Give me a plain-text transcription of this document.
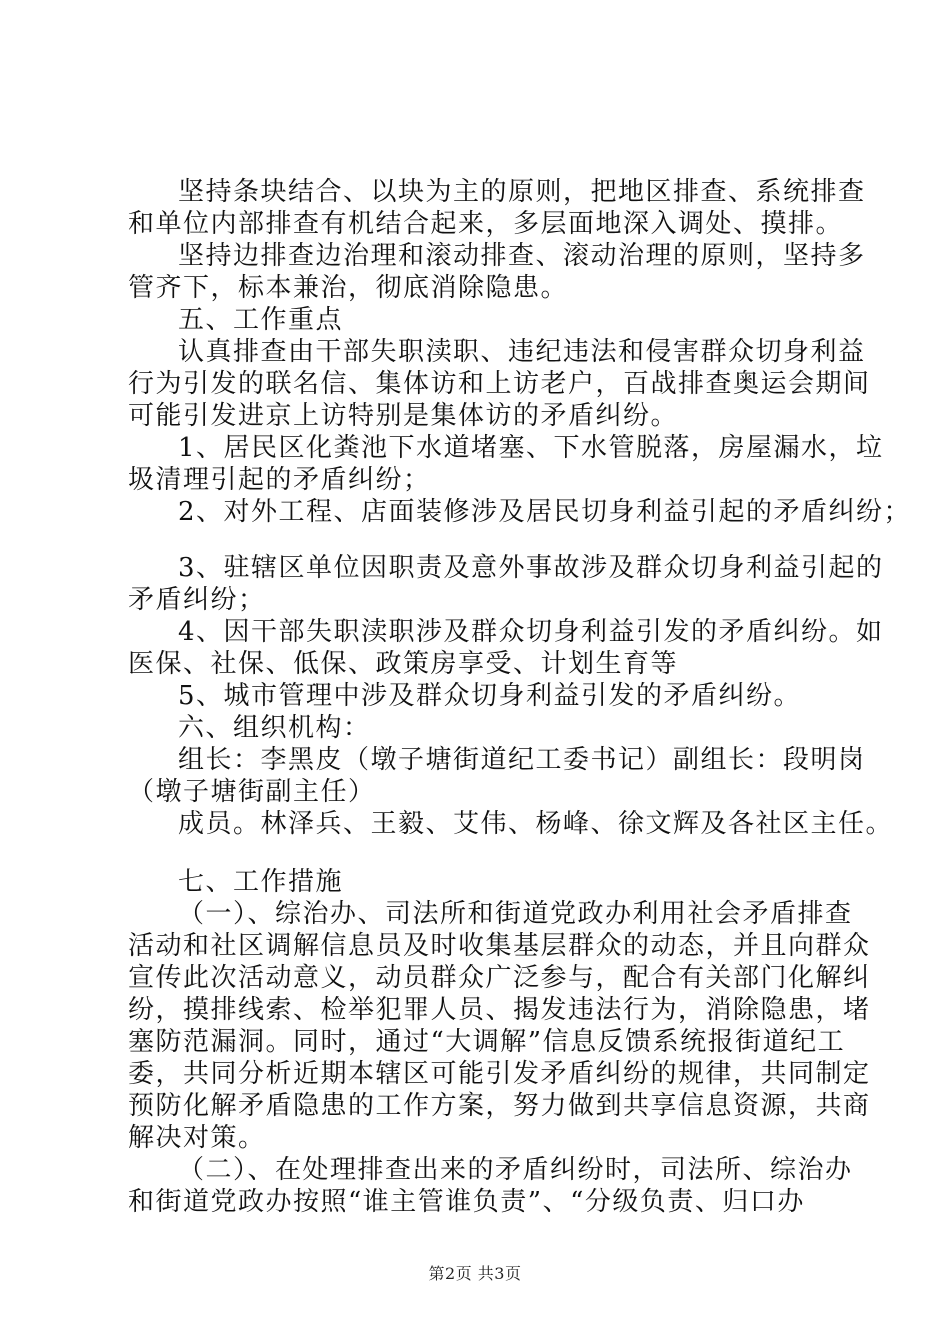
坚持条块结合、以块为主的原则，把地区排查、系统排查
和单位内部排查有机结合起来，多层面地深入调处、摸排。
坚持边排查边治理和滚动排查、滚动治理的原则，坚持多
管齐下，标本兼治，彻底消除隐患。
五、工作重点
认真排查由干部失职渎职、违纪违法和侵害群众切身利益
行为引发的联名信、集体访和上访老户，百战排查奥运会期间
可能引发进京上访特别是集体访的矛盾纠纷。
1、居民区化粪池下水道堵塞、下水管脱落，房屋漏水，垃
圾清理引起的矛盾纠纷；
2、对外工程、店面装修涉及居民切身利益引起的矛盾纠纷；
3、驻辖区单位因职责及意外事故涉及群众切身利益引起的
矛盾纠纷；
4、因干部失职渎职涉及群众切身利益引发的矛盾纠纷。如
医保、社保、低保、政策房享受、计划生育等
5、城市管理中涉及群众切身利益引发的矛盾纠纷。
六、组织机构：
组长：李黑皮（墩子塘街道纪工委书记）副组长：段明岗
（墩子塘街副主任）
成员。林泽兵、王毅、艾伟、杨峰、徐文辉及各社区主任。
七、工作措施
（一）、综治办、司法所和街道党政办利用社会矛盾排查
活动和社区调解信息员及时收集基层群众的动态，并且向群众
宣传此次活动意义，动员群众广泛参与，配合有关部门化解纠
纷，摸排线索、检举犯罪人员、揭发违法行为，消除隐患，堵
塞防范漏洞。同时，通过“大调解”信息反馈系统报街道纪工
委，共同分析近期本辖区可能引发矛盾纠纷的规律，共同制定
预防化解矛盾隐患的工作方案，努力做到共享信息资源，共商
解决对策。
（二）、在处理排查出来的矛盾纠纷时，司法所、综治办
和街道党政办按照“谁主管谁负责”、“分级负责、归口办
第2页 共3页
